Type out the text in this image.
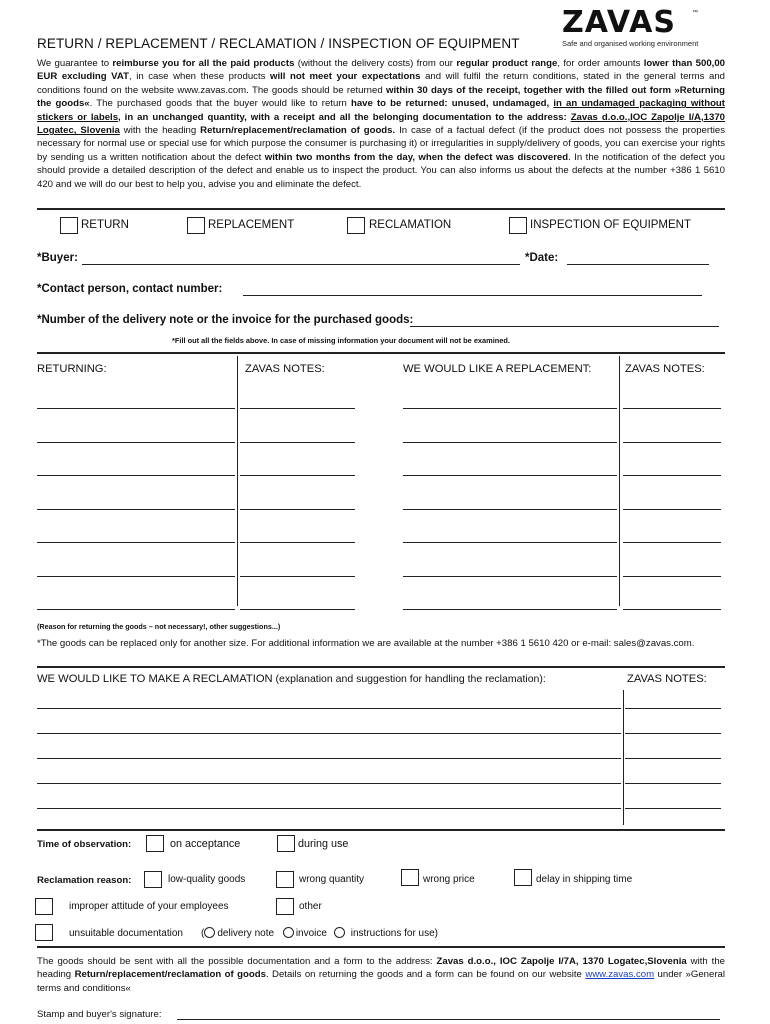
ZAVAS	™
Safe and organised working environment
RETURN / REPLACEMENT / RECLAMATION / INSPECTION OF EQUIPMENT
We guarantee to reimburse you for all the paid products (without the delivery costs) from our regular product range, for order amounts lower than 500,00 EUR excluding VAT, in case when these products will not meet your expectations and will fulfil the return conditions, stated in the general terms and conditions found on the website www.zavas.com. The goods should be returned within 30 days of the receipt, together with the filled out form »Returning the goods«. The purchased goods that the buyer would like to return have to be returned: unused, undamaged, in an undamaged packaging without stickers or labels, in an unchanged quantity, with a receipt and all the belonging documentation to the address: Zavas d.o.o.,IOC Zapolje I/A,1370 Logatec, Slovenia with the heading Return/replacement/reclamation of goods. In case of a factual defect (if the product does not possess the properties necessary for normal use or special use for which purpose the consumer is purchasing it) or irregularities in supply/delivery of goods, you can exercise your rights by sending us a written notification about the defect within two months from the day, when the defect was discovered. In the notification of the defect you should provide a detailed description of the defect and enable us to inspect the product. You can also informs us about the defects at the number +386 1 5610 420 and we will do our best to help you, advise you and eliminate the defect.
RETURN	REPLACEMENT	RECLAMATION	INSPECTION OF EQUIPMENT
*Buyer:	*Date:
*Contact person, contact number:
*Number of the delivery note or the invoice for the purchased goods:
*Fill out all the fields above. In case of missing information your document will not be examined.
RETURNING:	ZAVAS NOTES:	WE WOULD LIKE A REPLACEMENT:	ZAVAS NOTES:
(Reason for returning the goods – not necessary!, other suggestions...)
*The goods can be replaced only for another size. For additional information we are available at the number +386 1 5610 420 or e-mail: sales@zavas.com.
WE WOULD LIKE TO MAKE A RECLAMATION (explanation and suggestion for handling the reclamation):	ZAVAS NOTES:
Time of observation:	on acceptance	during use
Reclamation reason:	low-quality goods	wrong quantity	wrong price	delay in shipping time
improper attitude of your employees	other
unsuitable documentation ( delivery note invoice instructions for use)
The goods should be sent with all the possible documentation and a form to the address: Zavas d.o.o., IOC Zapolje I/7A, 1370 Logatec,Slovenia with the heading Return/replacement/reclamation of goods. Details on returning the goods and a form can be found on our website www.zavas.com under »General terms and conditions«
Stamp and buyer's signature:
